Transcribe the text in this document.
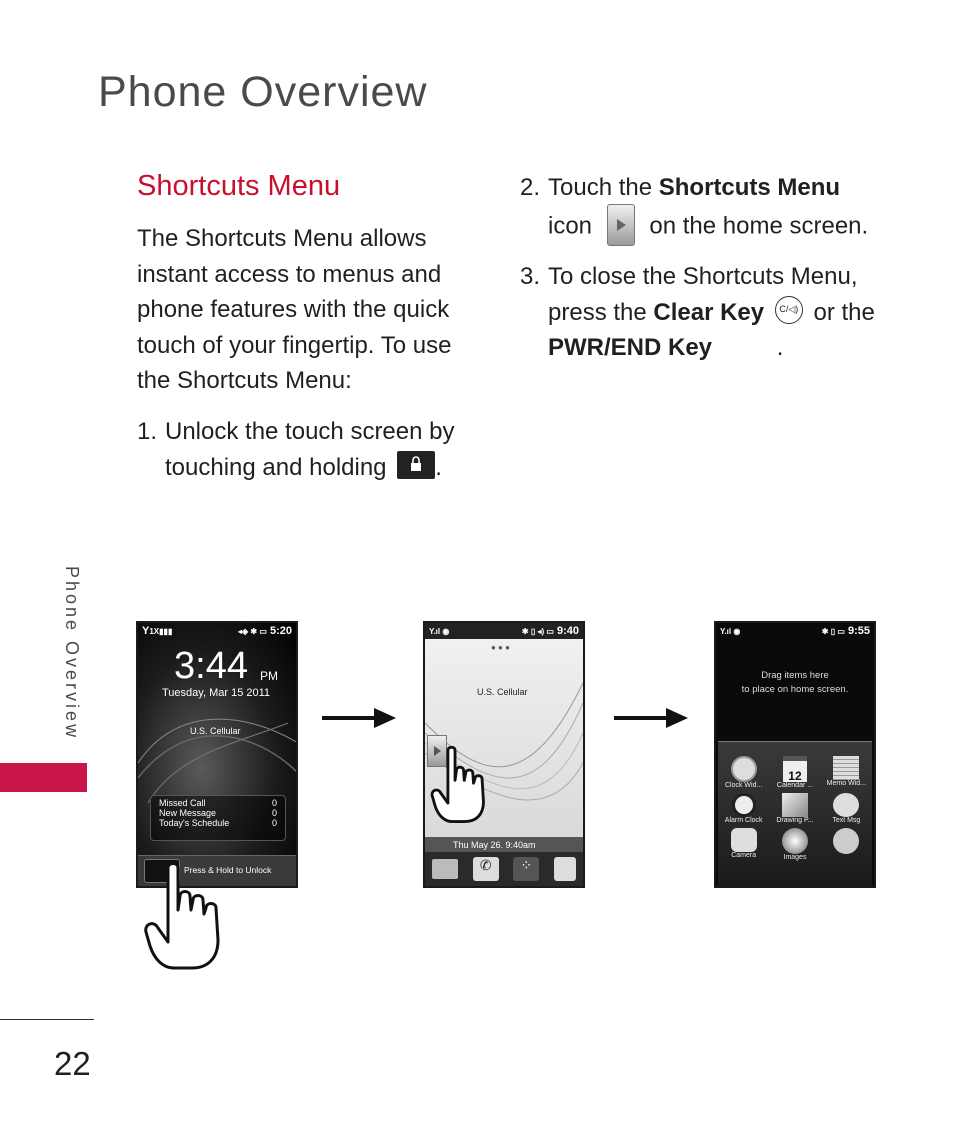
Phone Overview
Shortcuts Menu
The Shortcuts Menu allows
instant access to menus and
phone features with the quick
touch of your fingertip. To use
the Shortcuts Menu:
1. Unlock the touch screen by
touching and holding .
2. Touch the Shortcuts Menu
icon on the home screen.
3. To close the Shortcuts Menu,
press the Clear Key C/◁) or the
PWR/END Key	.
Phone Overview
22
Y1X▮▮▮	◂◈ ✱ ▭ 5:20
3:44 PM
Tuesday, Mar 15 2011
U.S. Cellular
Missed Call	0
New Message	0
Today's Schedule	0
Press & Hold to Unlock
Y.ıl ◉	✱ ▯ ◂) ▭ 9:40
● ● ●
U.S. Cellular
Thu May 26. 9:40am
✆	⁘
Y.ıl ◉	✱ ▯ ▭ 9:55
Drag items here
to place on home screen.
Clock Wid...
12
Calendar ...	Memo Wid...
Alarm Clock	Drawing P...	Text Msg
Camera	Images
